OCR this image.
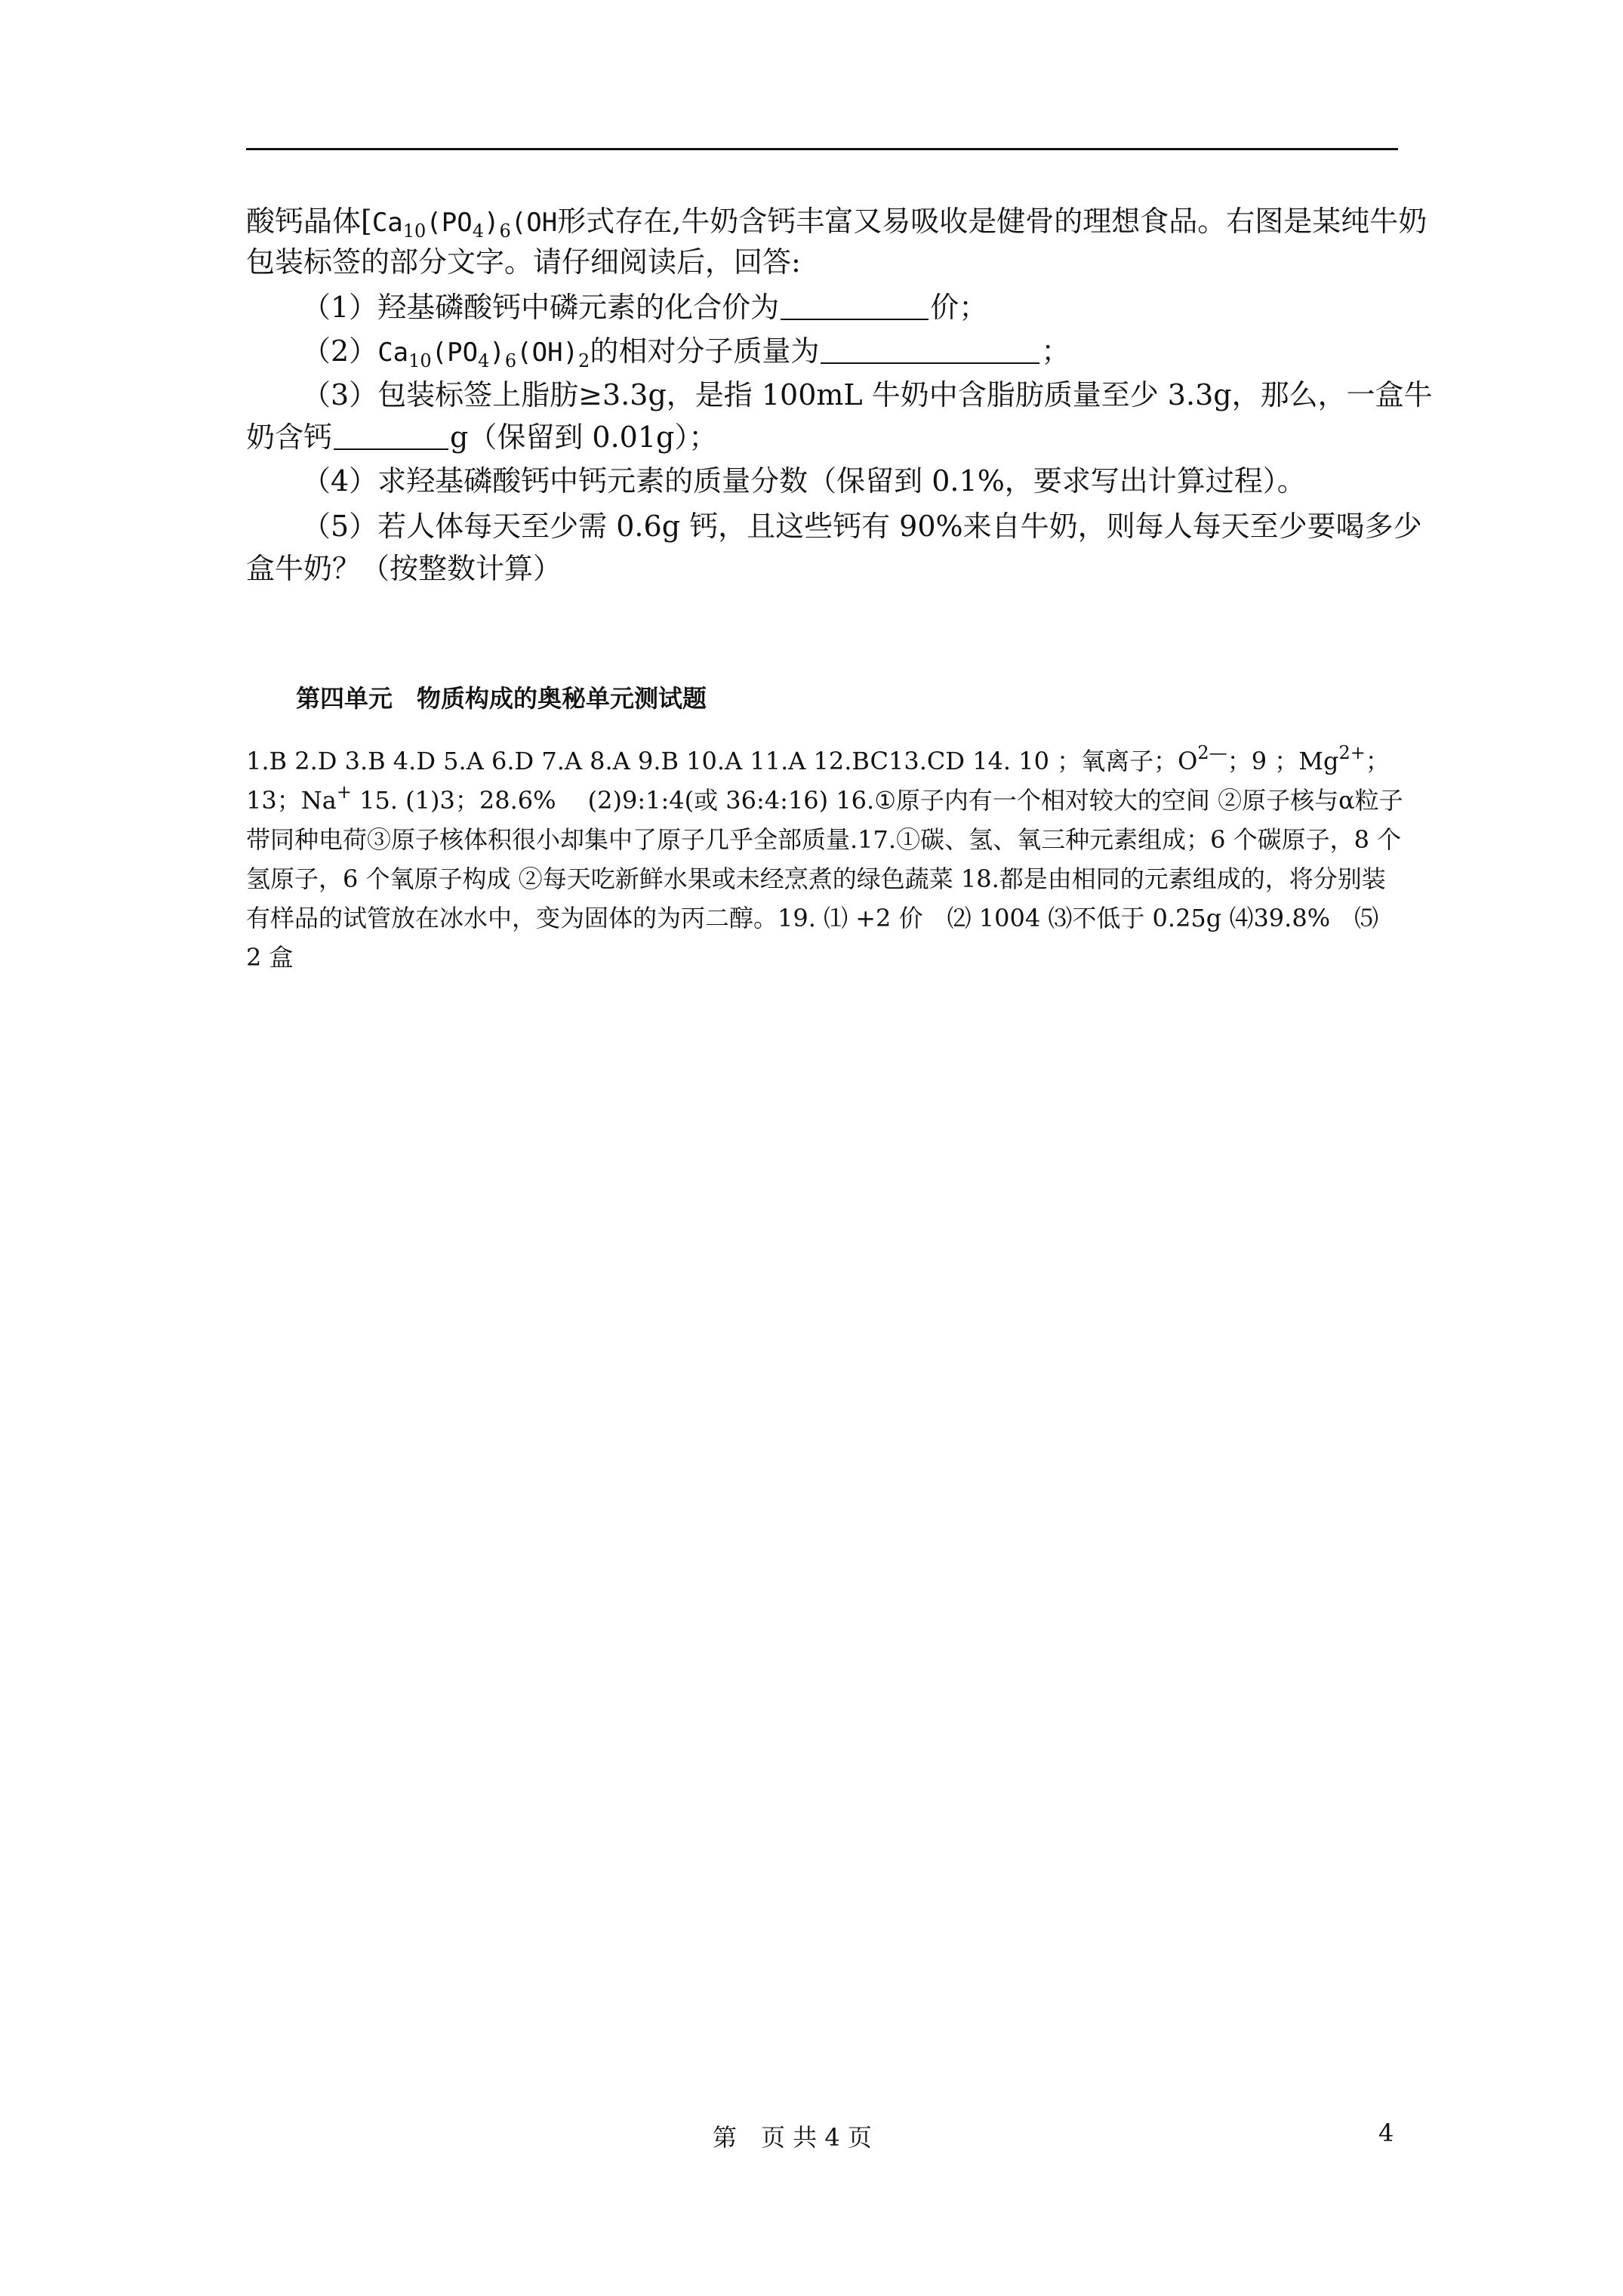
酸钙晶体[$Ca_{10}(PO_4)_6(OH$形式存在,牛奶含钙丰富又易吸收是健骨的理想食品。右图是某纯牛奶
包装标签的部分文字。请仔细阅读后，回答:
（1）羟基磷酸钙中磷元素的化合价为	价；
$(2)Ca_{10}(PO_4)_6(OH)_2$的相对分子质量为	；
（3）包装标签上脂肪≥3.3g，是指 100mL 牛奶中含脂肪质量至少 3.3g，那么，一盒牛
奶含钙	g（保留到 0.01g）；
（4）求羟基磷酸钙中钙元素的质量分数（保留到 0.1%，要求写出计算过程）。
（5）若人体每天至少需 0.6g 钙，且这些钙有 90%来自牛奶，则每人每天至少要喝多少
盒牛奶？（按整数计算）
第四单元　物质构成的奥秘单元测试题
1.B 2.D 3.B 4.D 5.A 6.D 7.A 8.A 9.B 10.A 11.A 12.BC13.CD 14. 10 ；氧离子；$O^{2—}$；9 ；$Mg^{2+}$；13；Na+ 15. (1)3；28.6%　 (2)9:1:4(或 36:4:16) 16.①原子内有一个相对较大的空间 ②原子核与α粒子带同种电荷③原子核体积很小却集中了原子几乎全部质量.17.①碳、氢、氧三种元素组成；6 个碳原子，8 个氢原子，6 个氧原子构成 ②每天吃新鲜水果或未经烹煮的绿色蔬菜 18.都是由相同的元素组成的，将分别装有样品的试管放在冰水中，变为固体的为丙二醇。19. ⑴ +2 价　⑵ 1004 ⑶不低于 0.25g ⑷39.8%　⑸　 2 盒
第　页 共 4 页	4
